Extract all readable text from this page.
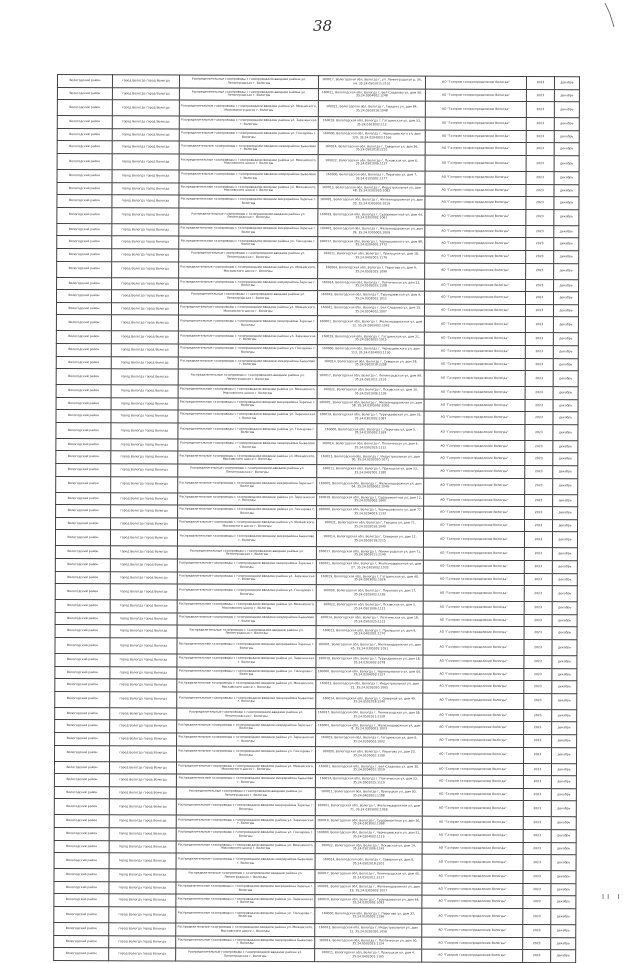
38
Вологодский район	город Вологда город Вологда	Распределительные газопроводы с газопроводами-вводами района ул. Ленинградская г. Вологды	160017, Вологодская обл, Вологда г, ул. Ленинградская д. 34, кв. 35:24:0502011:2151	АО "Газпром газораспределение Вологда"	2023	декабрь
Вологодский район	город Вологда город Вологда	Распределительные газопроводы с газопроводами-вводами района ул. Ленинградская г. Вологды	160021, Вологодская обл, Вологда г, Бел-Сладкова ул, дом 56, 35:24:0304002:1248	АО "Газпром газораспределение Вологда"	2023	декабрь
Вологодский район	город Вологда город Вологда	Распределительные газопроводы с газопроводами-вводами района ул. Можайского, Московского шоссе г. Вологды	160021, Вологодская обл, Вологда г, Герцена ул, дом 84, 35:24:0202016:1048	АО "Газпром газораспределение Вологда"	2023	декабрь
Вологодский район	город Вологда город Вологда	Распределительные газопроводы с газопроводами-вводами района ул. Зареченская г. Вологды	160019, Вологодская обл, Вологда г, Гагаринская ул, дом 53, 35:24:0303002:112	АО "Газпром газораспределение Вологда"	2023	декабрь
Вологодский район	город Вологда город Вологда	Распределительные газопроводы с газопроводами-вводами района ул. Гончарова г. Вологды	160000, Вологодская обл, Вологда г, Чернышевского ул, дом 129, 35:24:0204003:1166	АО "Газпром газораспределение Вологда"	2023	декабрь
Вологодский район	город Вологда город Вологда	Распределительные газопроводы с газопроводами-вводами микрорайона Бывалово г. Вологды	160014, Вологодская обл, Вологда г, Северная ул, дом 36, 35:24:0502018:2231	АО "Газпром газораспределение Вологда"	2023	декабрь
Вологодский район	город Вологда город Вологда	Распределительные газопроводы с газопроводами-вводами района ул. Можайского, Московского шоссе г. Вологды	160022, Вологодская обл, Вологда г, Псковская ул, дом 6, 35:24:0501006:1127	АО "Газпром газораспределение Вологда"	2023	декабрь
Вологодский район	город Вологда город Вологда	Распределительные газопроводы с газопроводами-вводами микрорайона Бывалово г. Вологды	160000, Вологодская обл, Вологда г, Пирогова ул, дом 7, 35:24:0105002:1177	АО "Газпром газораспределение Вологда"	2023	декабрь
Вологодский район	город Вологда город Вологда	Распределительные газопроводы с газопроводами-вводами района ул. Можайского, Московского шоссе г. Вологды	160013, Вологодская обл, Вологда г, Индустриальная ул, дом 48, 35:24:0202020:1082	АО "Газпром газораспределение Вологда"	2023	декабрь
Вологодский район	город Вологда город Вологда	Распределительные газопроводы с газопроводами-вводами микрорайона Заречье г. Вологды	160001, Вологодская обл, Вологда г, Железнодорожная ул, дом 33, 35:24:0305002:1019	АО "Газпром газораспределение Вологда"	2023	декабрь
Вологодский район	город Вологда город Вологда	Распределительные газопроводы с газопроводами-вводами района ул. Ленинградская г. Вологды	160019, Вологодская обл, Вологда г, Судоремонтная ул, дом 44, 35:24:0303002:1061	АО "Газпром газораспределение Вологда"	2023	декабрь
Вологодский район	город Вологда город Вологда	Распределительные газопроводы с газопроводами-вводами микрорайона Заречье г. Вологды	160001, Вологодская обл, Вологда г, Железнодорожная ул, дом 39, 35:24:0305002:1009	АО "Газпром газораспределение Вологда"	2023	декабрь
Вологодский район	город Вологда город Вологда	Распределительные газопроводы с газопроводами-вводами района ул. Гончарова г. Вологды	160017, Вологодская обл, Вологда г, Чернышевского ул, дом 98, 35:24:0204001:2772	АО "Газпром газораспределение Вологда"	2023	декабрь
Вологодский район	город Вологда город Вологда	Распределительные газопроводы с газопроводами-вводами района ул. Ленинградская г. Вологды	160011, Вологодская обл, Вологда г, Прилуцкая ул, дом 18, 35:24:0402001:1176	АО "Газпром газораспределение Вологда"	2023	декабрь
Вологодский район	город Вологда город Вологда	Распределительные газопроводы с газопроводами-вводами района ул. Можайского, Московского шоссе г. Вологды	160004, Вологодская обл, Вологда г, Пирогова ул, дом 9, 35:24:0502025:1096	АО "Газпром газораспределение Вологда"	2023	декабрь
Вологодский район	город Вологда город Вологда	Распределительные газопроводы с газопроводами-вводами микрорайона Заречье г. Вологды	160014, Вологодская обл, Вологда г, Поэтическая ул, дом 12, 35:24:0502025:1108	АО "Газпром газораспределение Вологда"	2023	декабрь
Вологодский район	город Вологда город Вологда	Распределительные газопроводы с газопроводами-вводами района ул. Ленинградская г. Вологды	160019, Вологодская обл, Вологда г, Турундаевская ул, дом 9, 35:24:0303002:1012	АО "Газпром газораспределение Вологда"	2023	декабрь
Вологодский район	город Вологда город Вологда	Распределительные газопроводы с газопроводами-вводами района ул. Можайского, Московского шоссе г. Вологды	160021, Вологодская обл, Вологда г, Бел-Сладкова ул, дом 15, 35:24:0304002:1007	АО "Газпром газораспределение Вологда"	2023	декабрь
Вологодский район	город Вологда город Вологда	Распределительные газопроводы с газопроводами-вводами микрорайона Заречье г. Вологды	160001, Вологодская обл, Вологда г, Железнодорожная ул, дом 12, 35:24:0305002:1042	АО "Газпром газораспределение Вологда"	2023	декабрь
Вологодский район	город Вологда город Вологда	Распределительные газопроводы с газопроводами-вводами района ул. Зареченская г. Вологды	160019, Вологодская обл, Вологда г, Гагаринская ул, дом 21, 35:24:0303002:1015	АО "Газпром газораспределение Вологда"	2023	декабрь
Вологодский район	город Вологда город Вологда	Распределительные газопроводы с газопроводами-вводами района ул. Гончарова г. Вологды	160000, Вологодская обл, Вологда г, Чернышевского ул, дом 113, 35:24:0204003:1150	АО "Газпром газораспределение Вологда"	2023	декабрь
Вологодский район	город Вологда город Вологда	Распределительные газопроводы с газопроводами-вводами микрорайона Бывалово г. Вологды	160014, Вологодская обл, Вологда г, Северная ул, дом 28, 35:24:0502018:2208	АО "Газпром газораспределение Вологда"	2023	декабрь
Вологодский район	город Вологда город Вологда	Распределительные газопроводы с газопроводами-вводами района ул. Ленинградская г. Вологды	160017, Вологодская обл, Вологда г, Ленинградская ул, дом 99, 35:24:0502011:2135	АО "Газпром газораспределение Вологда"	2023	декабрь
Вологодский район	город Вологда город Вологда	Распределительные газопроводы с газопроводами-вводами района ул. Можайского, Московского шоссе г. Вологды	160022, Вологодская обл, Вологда г, Псковская ул, дом 10, 35:24:0501006:1139	АО "Газпром газораспределение Вологда"	2023	декабрь
Вологодский район	город Вологда город Вологда	Распределительные газопроводы с газопроводами-вводами микрорайона Заречье г. Вологды	160001, Вологодская обл, Вологда г, Железнодорожная ул, дом 58, 35:24:0305002:1000	АО "Газпром газораспределение Вологда"	2023	декабрь
Вологодский район	город Вологда город Вологда	Распределительные газопроводы с газопроводами-вводами района ул. Зареченская г. Вологды	160019, Вологодская обл, Вологда г, Турундаевская ул, дом 31, 35:24:0303002:1087	АО "Газпром газораспределение Вологда"	2023	декабрь
Вологодский район	город Вологда город Вологда	Распределительные газопроводы с газопроводами-вводами района ул. Гончарова г. Вологды	160000, Вологодская обл, Вологда г, Пирогова ул, дом 5, 35:24:0105002:1169	АО "Газпром газораспределение Вологда"	2023	декабрь
Вологодский район	город Вологда город Вологда	Распределительные газопроводы с газопроводами-вводами микрорайона Бывалово г. Вологды	160014, Вологодская обл, Вологда г, Поэтическая ул, дом 4, 35:24:0502025:1112	АО "Газпром газораспределение Вологда"	2023	декабрь
Вологодский район	город Вологда город Вологда	Распределительные газопроводы с газопроводами-вводами района ул. Можайского, Московского шоссе г. Вологды	160013, Вологодская обл, Вологда г, Индустриальная ул, дом 30, 35:24:0202020:1071	АО "Газпром газораспределение Вологда"	2023	декабрь
Вологодский район	город Вологда город Вологда	Распределительные газопроводы с газопроводами-вводами района ул. Ленинградская г. Вологды	160011, Вологодская обл, Вологда г, Прилуцкая ул, дом 22, 35:24:0402001:1180	АО "Газпром газораспределение Вологда"	2023	декабрь
Вологодский район	город Вологда город Вологда	Распределительные газопроводы с газопроводами-вводами микрорайона Заречье г. Вологды	160001, Вологодская обл, Вологда г, Железнодорожная ул, дом 64, 35:24:0305002:1049	АО "Газпром газораспределение Вологда"	2023	декабрь
Вологодский район	город Вологда город Вологда	Распределительные газопроводы с газопроводами-вводами района ул. Зареченская г. Вологды	160019, Вологодская обл, Вологда г, Судоремонтная ул, дом 12, 35:24:0303002:1060	АО "Газпром газораспределение Вологда"	2023	декабрь
Вологодский район	город Вологда город Вологда	Распределительные газопроводы с газопроводами-вводами района ул. Гончарова г. Вологды	160000, Вологодская обл, Вологда г, Чернышевского ул, дом 77, 35:24:0204003:1133	АО "Газпром газораспределение Вологда"	2023	декабрь
Вологодский район	город Вологда город Вологда	Распределительные газопроводы с газопроводами-вводами района ул. Можайского, Московского шоссе г. Вологды	160021, Вологодская обл, Вологда г, Герцена ул, дом 71, 35:24:0202016:1040	АО "Газпром газораспределение Вологда"	2023	декабрь
Вологодский район	город Вологда город Вологда	Распределительные газопроводы с газопроводами-вводами микрорайона Бывалово г. Вологды	160014, Вологодская обл, Вологда г, Северная ул, дом 12, 35:24:0502018:2215	АО "Газпром газораспределение Вологда"	2023	декабрь
Вологодский район	город Вологда город Вологда	Распределительные газопроводы с газопроводами-вводами района ул. Ленинградская г. Вологды	160017, Вологодская обл, Вологда г, Ленинградская ул, дом 71, 35:24:0502011:2140	АО "Газпром газораспределение Вологда"	2023	декабрь
Вологодский район	город Вологда город Вологда	Распределительные газопроводы с газопроводами-вводами микрорайона Заречье г. Вологды	160001, Вологодская обл, Вологда г, Железнодорожная ул, дом 27, 35:24:0305002:1033	АО "Газпром газораспределение Вологда"	2023	декабрь
Вологодский район	город Вологда город Вологда	Распределительные газопроводы с газопроводами-вводами района ул. Зареченская г. Вологды	160019, Вологодская обл, Вологда г, Гагаринская ул, дом 40, 35:24:0303002:1026	АО "Газпром газораспределение Вологда"	2023	декабрь
Вологодский район	город Вологда город Вологда	Распределительные газопроводы с газопроводами-вводами района ул. Гончарова г. Вологды	160000, Вологодская обл, Вологда г, Пирогова ул, дом 17, 35:24:0105002:1182	АО "Газпром газораспределение Вологда"	2023	декабрь
Вологодский район	город Вологда город Вологда	Распределительные газопроводы с газопроводами-вводами района ул. Можайского, Московского шоссе г. Вологды	160022, Вологодская обл, Вологда г, Псковская ул, дом 2, 35:24:0501006:1121	АО "Газпром газораспределение Вологда"	2023	декабрь
Вологодский район	город Вологда город Вологда	Распределительные газопроводы с газопроводами-вводами микрорайона Бывалово г. Вологды	160014, Вологодская обл, Вологда г, Поэтическая ул, дом 18, 35:24:0502025:1115	АО "Газпром газораспределение Вологда"	2023	декабрь
Вологодский район	город Вологда город Вологда	Распределительные газопроводы с газопроводами-вводами района ул. Ленинградская г. Вологды	160011, Вологодская обл, Вологда г, Прилуцкая ул, дом 9, 35:24:0402001:1170	АО "Газпром газораспределение Вологда"	2023	декабрь
Вологодский район	город Вологда город Вологда	Распределительные газопроводы с газопроводами-вводами микрорайона Заречье г. Вологды	160001, Вологодская обл, Вологда г, Железнодорожная ул, дом 45, 35:24:0305002:1051	АО "Газпром газораспределение Вологда"	2023	декабрь
Вологодский район	город Вологда город Вологда	Распределительные газопроводы с газопроводами-вводами района ул. Зареченская г. Вологды	160019, Вологодская обл, Вологда г, Турундаевская ул, дом 18, 35:24:0303002:1078	АО "Газпром газораспределение Вологда"	2023	декабрь
Вологодский район	город Вологда город Вологда	Распределительные газопроводы с газопроводами-вводами района ул. Гончарова г. Вологды	160000, Вологодская обл, Вологда г, Чернышевского ул, дом 64, 35:24:0204003:1127	АО "Газпром газораспределение Вологда"	2023	декабрь
Вологодский район	город Вологда город Вологда	Распределительные газопроводы с газопроводами-вводами района ул. Можайского, Московского шоссе г. Вологды	160013, Вологодская обл, Вологда г, Индустриальная ул, дом 22, 35:24:0202020:1065	АО "Газпром газораспределение Вологда"	2023	декабрь
Вологодский район	город Вологда город Вологда	Распределительные газопроводы с газопроводами-вводами микрорайона Бывалово г. Вологды	160014, Вологодская обл, Вологда г, Северная ул, дом 40, 35:24:0502018:2240	АО "Газпром газораспределение Вологда"	2023	декабрь
Вологодский район	город Вологда город Вологда	Распределительные газопроводы с газопроводами-вводами района ул. Ленинградская г. Вологды	160017, Вологодская обл, Вологда г, Ленинградская ул, дом 58, 35:24:0502011:2128	АО "Газпром газораспределение Вологда"	2023	декабрь
Вологодский район	город Вологда город Вологда	Распределительные газопроводы с газопроводами-вводами микрорайона Заречье г. Вологды	160001, Вологодская обл, Вологда г, Железнодорожная ул, дом 8, 35:24:0305002:1003	АО "Газпром газораспределение Вологда"	2023	декабрь
Вологодский район	город Вологда город Вологда	Распределительные газопроводы с газопроводами-вводами района ул. Зареченская г. Вологды	160019, Вологодская обл, Вологда г, Гагаринская ул, дом 6, 35:24:0303002:1002	АО "Газпром газораспределение Вологда"	2023	декабрь
Вологодский район	город Вологда город Вологда	Распределительные газопроводы с газопроводами-вводами района ул. Гончарова г. Вологды	160000, Вологодская обл, Вологда г, Пирогова ул, дом 25, 35:24:0105002:1190	АО "Газпром газораспределение Вологда"	2023	декабрь
Вологодский район	город Вологда город Вологда	Распределительные газопроводы с газопроводами-вводами района ул. Можайского, Московского шоссе г. Вологды	160021, Вологодская обл, Вологда г, Бел-Сладкова ул, дом 30, 35:24:0304002:1019	АО "Газпром газораспределение Вологда"	2023	декабрь
Вологодский район	город Вологда город Вологда	Распределительные газопроводы с газопроводами-вводами микрорайона Бывалово г. Вологды	160014, Вологодская обл, Вологда г, Поэтическая ул, дом 22, 35:24:0502025:1119	АО "Газпром газораспределение Вологда"	2023	декабрь
Вологодский район	город Вологда город Вологда	Распределительные газопроводы с газопроводами-вводами района ул. Ленинградская г. Вологды	160011, Вологодская обл, Вологда г, Прилуцкая ул, дом 30, 35:24:0402001:1188	АО "Газпром газораспределение Вологда"	2023	декабрь
Вологодский район	город Вологда город Вологда	Распределительные газопроводы с газопроводами-вводами микрорайона Заречье г. Вологды	160001, Вологодская обл, Вологда г, Железнодорожная ул, дом 71, 35:24:0305002:1058	АО "Газпром газораспределение Вологда"	2023	декабрь
Вологодский район	город Вологда город Вологда	Распределительные газопроводы с газопроводами-вводами района ул. Зареченская г. Вологды	160019, Вологодская обл, Вологда г, Судоремонтная ул, дом 30, 35:24:0303002:1068	АО "Газпром газораспределение Вологда"	2023	декабрь
Вологодский район	город Вологда город Вологда	Распределительные газопроводы с газопроводами-вводами района ул. Гончарова г. Вологды	160000, Вологодская обл, Вологда г, Чернышевского ул, дом 51, 35:24:0204003:1119	АО "Газпром газораспределение Вологда"	2023	декабрь
Вологодский район	город Вологда город Вологда	Распределительные газопроводы с газопроводами-вводами района ул. Можайского, Московского шоссе г. Вологды	160022, Вологодская обл, Вологда г, Псковская ул, дом 14, 35:24:0501006:1142	АО "Газпром газораспределение Вологда"	2023	декабрь
Вологодский район	город Вологда город Вологда	Распределительные газопроводы с газопроводами-вводами микрорайона Бывалово г. Вологды	160014, Вологодская обл, Вологда г, Северная ул, дом 6, 35:24:0502018:2201	АО "Газпром газораспределение Вологда"	2023	декабрь
Вологодский район	город Вологда город Вологда	Распределительные газопроводы с газопроводами-вводами района ул. Ленинградская г. Вологды	160017, Вологодская обл, Вологда г, Ленинградская ул, дом 45, 35:24:0502011:2117	АО "Газпром газораспределение Вологда"	2023	декабрь
Вологодский район	город Вологда город Вологда	Распределительные газопроводы с газопроводами-вводами микрорайона Заречье г. Вологды	160001, Вологодская обл, Вологда г, Железнодорожная ул, дом 19, 35:24:0305002:1027	АО "Газпром газораспределение Вологда"	2023	декабрь
Вологодский район	город Вологда город Вологда	Распределительные газопроводы с газопроводами-вводами района ул. Зареченская г. Вологды	160019, Вологодская обл, Вологда г, Турундаевская ул, дом 44, 35:24:0303002:1093	АО "Газпром газораспределение Вологда"	2023	декабрь
Вологодский район	город Вологда город Вологда	Распределительные газопроводы с газопроводами-вводами района ул. Гончарова г. Вологды	160000, Вологодская обл, Вологда г, Пирогова ул, дом 33, 35:24:0105002:1196	АО "Газпром газораспределение Вологда"	2023	декабрь
Вологодский район	город Вологда город Вологда	Распределительные газопроводы с газопроводами-вводами района ул. Можайского, Московского шоссе г. Вологды	160013, Вологодская обл, Вологда г, Индустриальная ул, дом 12, 35:24:0202020:1059	АО "Газпром газораспределение Вологда"	2023	декабрь
Вологодский район	город Вологда город Вологда	Распределительные газопроводы с газопроводами-вводами микрорайона Бывалово г. Вологды	160014, Вологодская обл, Вологда г, Поэтическая ул, дом 30, 35:24:0502025:1124	АО "Газпром газораспределение Вологда"	2023	декабрь
Вологодский район	город Вологда город Вологда	Распределительные газопроводы с газопроводами-вводами района ул. Ленинградская г. Вологды	160011, Вологодская обл, Вологда г, Прилуцкая ул, дом 4, 35:24:0402001:1165	АО "Газпром газораспределение Вологда"	2023	декабрь
II I
